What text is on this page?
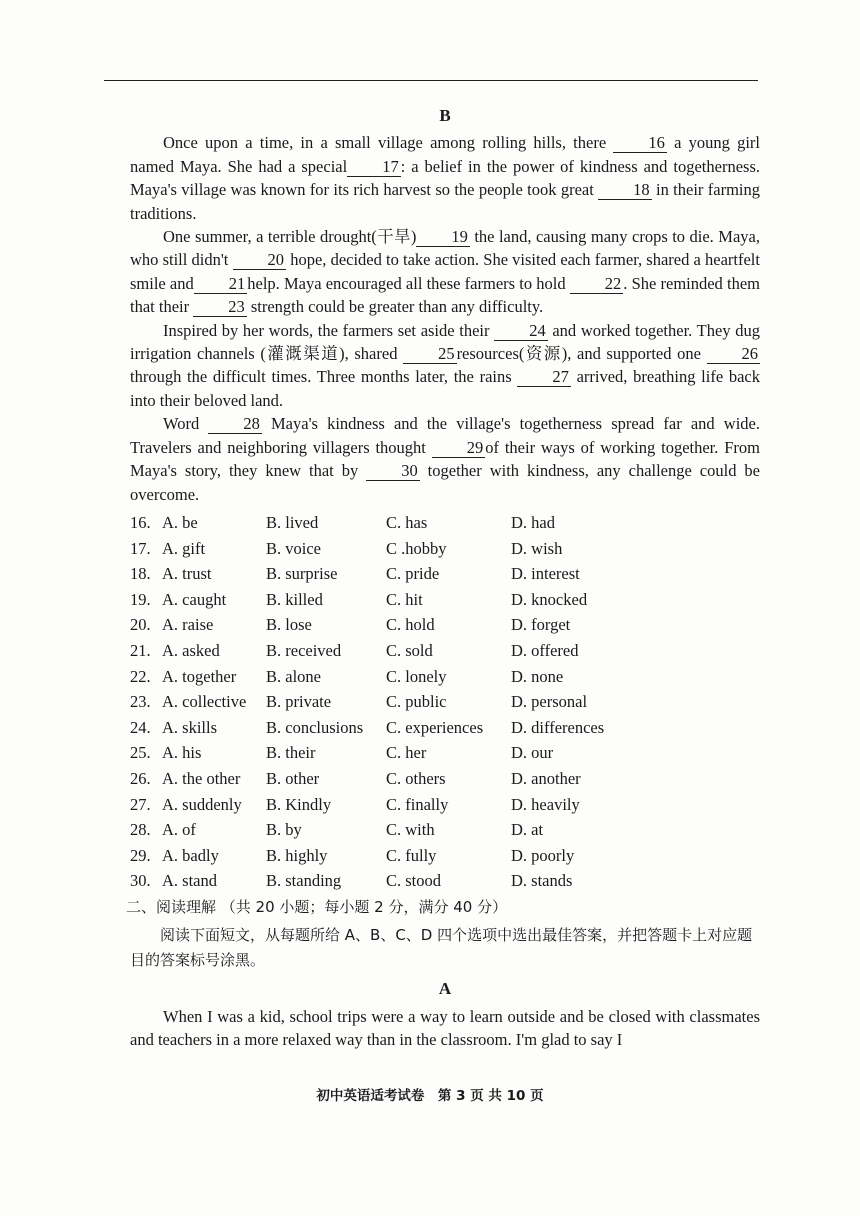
B

Once upon a time, in a small village among rolling hills, there 16 a young girl named Maya. She had a special 17 : a belief in the power of kindness and togetherness. Maya's village was known for its rich harvest so the people took great 18 in their farming traditions.

One summer, a terrible drought(干旱) 19 the land, causing many crops to die. Maya, who still didn't 20 hope, decided to take action. She visited each farmer, shared a heartfelt smile and 21 help. Maya encouraged all these farmers to hold 22 . She reminded them that their 23 strength could be greater than any difficulty.

Inspired by her words, the farmers set aside their 24 and worked together. They dug irrigation channels (灌溉渠道), shared 25 resources(资源), and supported one 26through the difficult times. Three months later, the rains 27 arrived, breathing life back into their beloved land.

Word 28 Maya's kindness and the village's togetherness spread far and wide. Travelers and neighboring villagers thought 29 of their ways of working together. From Maya's story, they knew that by 30 together with kindness, any challenge could be overcome.

16.	A. be	B. lived	C. has	D. had
17.	A. gift	B. voice	C .hobby	D. wish
18.	A. trust	B. surprise	C. pride	D. interest
19.	A. caught	B. killed	C. hit	D. knocked
20.	A. raise	B. lose	C. hold	D. forget
21.	A. asked	B. received	C. sold	D. offered
22.	A. together	B. alone	C. lonely	D. none
23.	A. collective	B. private	C. public	D. personal
24.	A. skills	B. conclusions	C. experiences	D. differences
25.	A. his	B. their	C. her	D. our
26.	A. the other	B. other	C. others	D. another
27.	A. suddenly	B. Kindly	C. finally	D. heavily
28.	A. of	B. by	C. with	D. at
29.	A. badly	B. highly	C. fully	D. poorly
30.	A. stand	B. standing	C. stood	D. stands
二、阅读理解 （共 20 小题；每小题 2 分，满分 40 分）

阅读下面短文，从每题所给 A、B、C、D 四个选项中选出最佳答案，并把答题卡上对应题目的答案标号涂黑。

A

When I was a kid, school trips were a way to learn outside and be closed with classmates and teachers in a more relaxed way than in the classroom. I'm glad to say I

初中英语适考试卷　第 3 页 共 10 页
